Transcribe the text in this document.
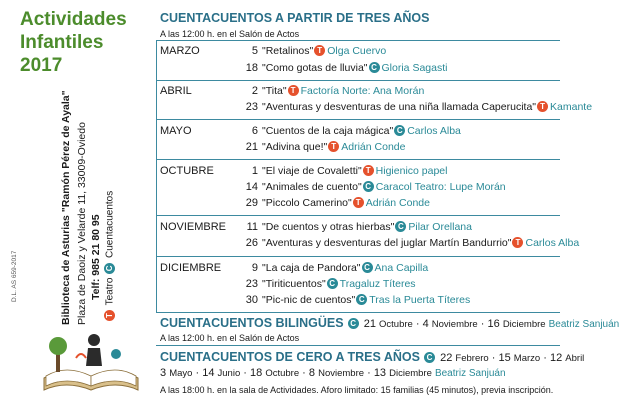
Actividades
Infantiles
2017
Biblioteca de Asturias "Ramón Pérez de Ayala" Plaza de Daoiz y Velarde 11, 33009-Oviedo Telf: 985 21 80 95
D.L. AS 659-2017
T Teatro C Cuentacuentos
CUENTACUENTOS A PARTIR DE TRES AÑOS
A las 12:00 h. en el Salón de Actos
MARZO	5 "Retalinos" T Olga Cuervo
18 "Como gotas de lluvia" C Gloria Sagasti
ABRIL	2 "Tita" T Factoría Norte: Ana Morán
23 "Aventuras y desventuras de una niña llamada Caperucita" T Kamante
MAYO	6 "Cuentos de la caja mágica" C Carlos Alba
21 "Adivina que!" T Adrián Conde
OCTUBRE	1 "El viaje de Covaletti" T Higienico papel
14 "Animales de cuento" C Caracol Teatro: Lupe Morán
29 "Piccolo Camerino" T Adrián Conde
NOVIEMBRE	11 "De cuentos y otras hierbas" C Pilar Orellana
26 "Aventuras y desventuras del juglar Martín Bandurrio" T Carlos Alba
DICIEMBRE	9 "La caja de Pandora" C Ana Capilla
23 "Tiriticuentos" C Tragaluz Títeres
30 "Pic-nic de cuentos" C Tras la Puerta Títeres
CUENTACUENTOS BILINGÜES C 21 Octubre · 4 Noviembre · 16 Diciembre Beatriz Sanjuán
A las 12:00 h. en el Salón de Actos
CUENTACUENTOS DE CERO A TRES AÑOS C 22 Febrero · 15 Marzo · 12 Abril
3 Mayo · 14 Junio · 18 Octubre · 8 Noviembre · 13 Diciembre Beatriz Sanjuán
A las 18:00 h. en la sala de Actividades. Aforo limitado: 15 familias (45 minutos), previa inscripción.
